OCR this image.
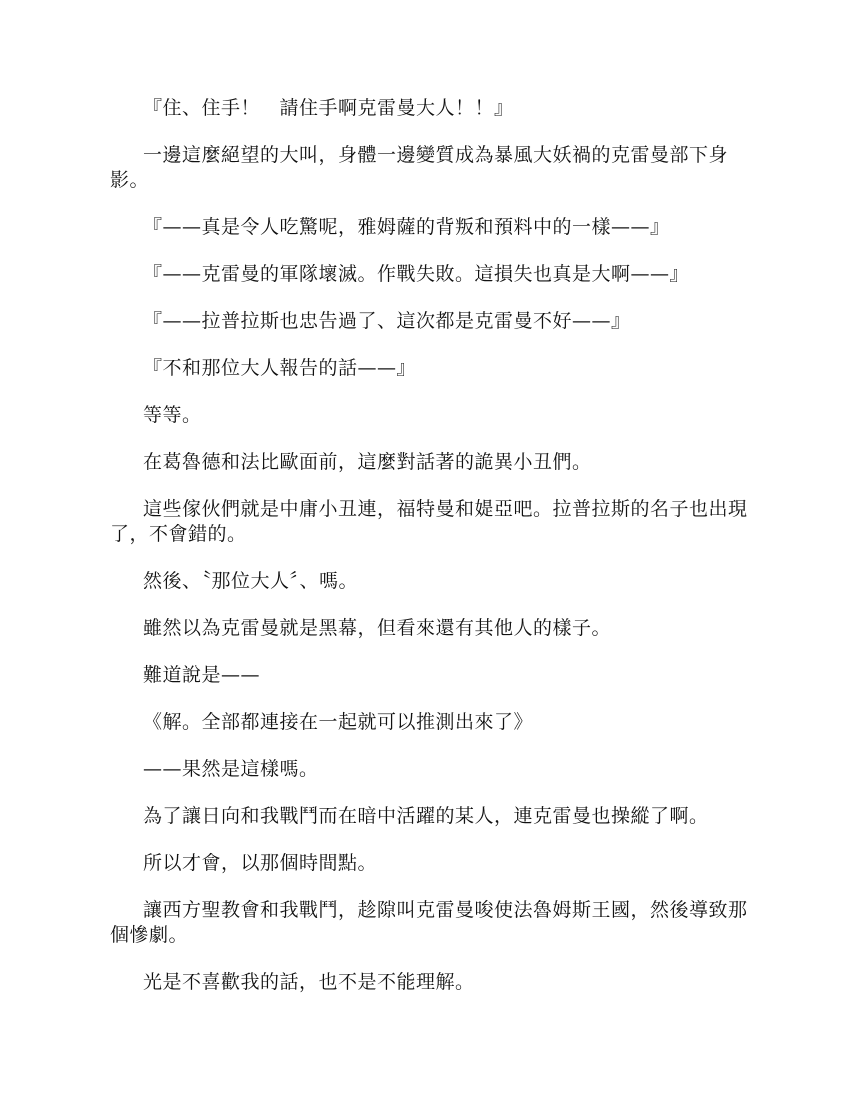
『住、住手！　請住手啊克雷曼大人！！』

一邊這麼絕望的大叫，身體一邊變質成為暴風大妖禍的克雷曼部下身影。

『——真是令人吃驚呢，雅姆薩的背叛和預料中的一樣——』

『——克雷曼的軍隊壞滅。作戰失敗。這損失也真是大啊——』

『——拉普拉斯也忠告過了、這次都是克雷曼不好——』

『不和那位大人報告的話——』

等等。

在葛魯德和法比歐面前，這麼對話著的詭異小丑們。

這些傢伙們就是中庸小丑連，福特曼和媞亞吧。拉普拉斯的名子也出現了，不會錯的。

然後、〝那位大人〞、嗎。

雖然以為克雷曼就是黑幕，但看來還有其他人的樣子。

難道說是——

《解。全部都連接在一起就可以推測出來了》

——果然是這樣嗎。

為了讓日向和我戰鬥而在暗中活躍的某人，連克雷曼也操縱了啊。

所以才會，以那個時間點。

讓西方聖教會和我戰鬥，趁隙叫克雷曼唆使法魯姆斯王國，然後導致那個慘劇。

光是不喜歡我的話，也不是不能理解。
